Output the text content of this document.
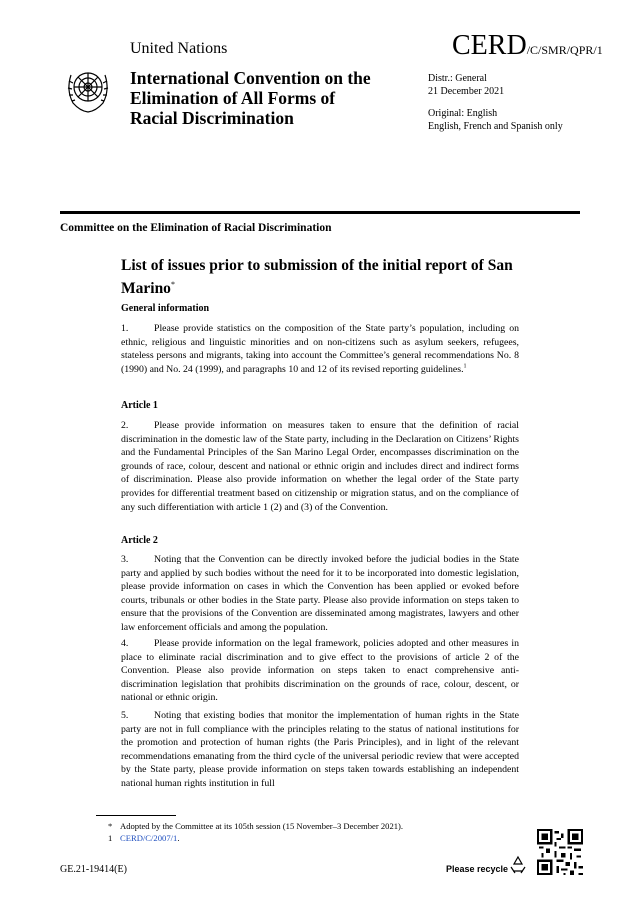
United Nations	CERD/C/SMR/QPR/1
International Convention on the Elimination of All Forms of Racial Discrimination
Distr.: General
21 December 2021
Original: English
English, French and Spanish only
Committee on the Elimination of Racial Discrimination
List of issues prior to submission of the initial report of San Marino*
General information
1.	Please provide statistics on the composition of the State party’s population, including on ethnic, religious and linguistic minorities and on non-citizens such as asylum seekers, refugees, stateless persons and migrants, taking into account the Committee’s general recommendations No. 8 (1990) and No. 24 (1999), and paragraphs 10 and 12 of its revised reporting guidelines.$^1$
Article 1
2.	Please provide information on measures taken to ensure that the definition of racial discrimination in the domestic law of the State party, including in the Declaration on Citizens’ Rights and the Fundamental Principles of the San Marino Legal Order, encompasses discrimination on the grounds of race, colour, descent and national or ethnic origin and includes direct and indirect forms of discrimination. Please also provide information on whether the legal order of the State party provides for differential treatment based on citizenship or migration status, and on the compliance of any such differentiation with article 1 (2) and (3) of the Convention.
Article 2
3.	Noting that the Convention can be directly invoked before the judicial bodies in the State party and applied by such bodies without the need for it to be incorporated into domestic legislation, please provide information on cases in which the Convention has been applied or evoked before courts, tribunals or other bodies in the State party. Please also provide information on steps taken to ensure that the provisions of the Convention are disseminated among magistrates, lawyers and other law enforcement officials and among the population.
4.	Please provide information on the legal framework, policies adopted and other measures in place to eliminate racial discrimination and to give effect to the provisions of article 2 of the Convention. Please also provide information on steps taken to enact comprehensive anti-discrimination legislation that prohibits discrimination on the grounds of race, colour, descent, or national or ethnic origin.
5.	Noting that existing bodies that monitor the implementation of human rights in the State party are not in full compliance with the principles relating to the status of national institutions for the promotion and protection of human rights (the Paris Principles), and in light of the relevant recommendations emanating from the third cycle of the universal periodic review that were accepted by the State party, please provide information on steps taken towards establishing an independent national human rights institution in full
* Adopted by the Committee at its 105th session (15 November–3 December 2021).
1 CERD/C/2007/1.
GE.21-19414(E)	Please recycle
